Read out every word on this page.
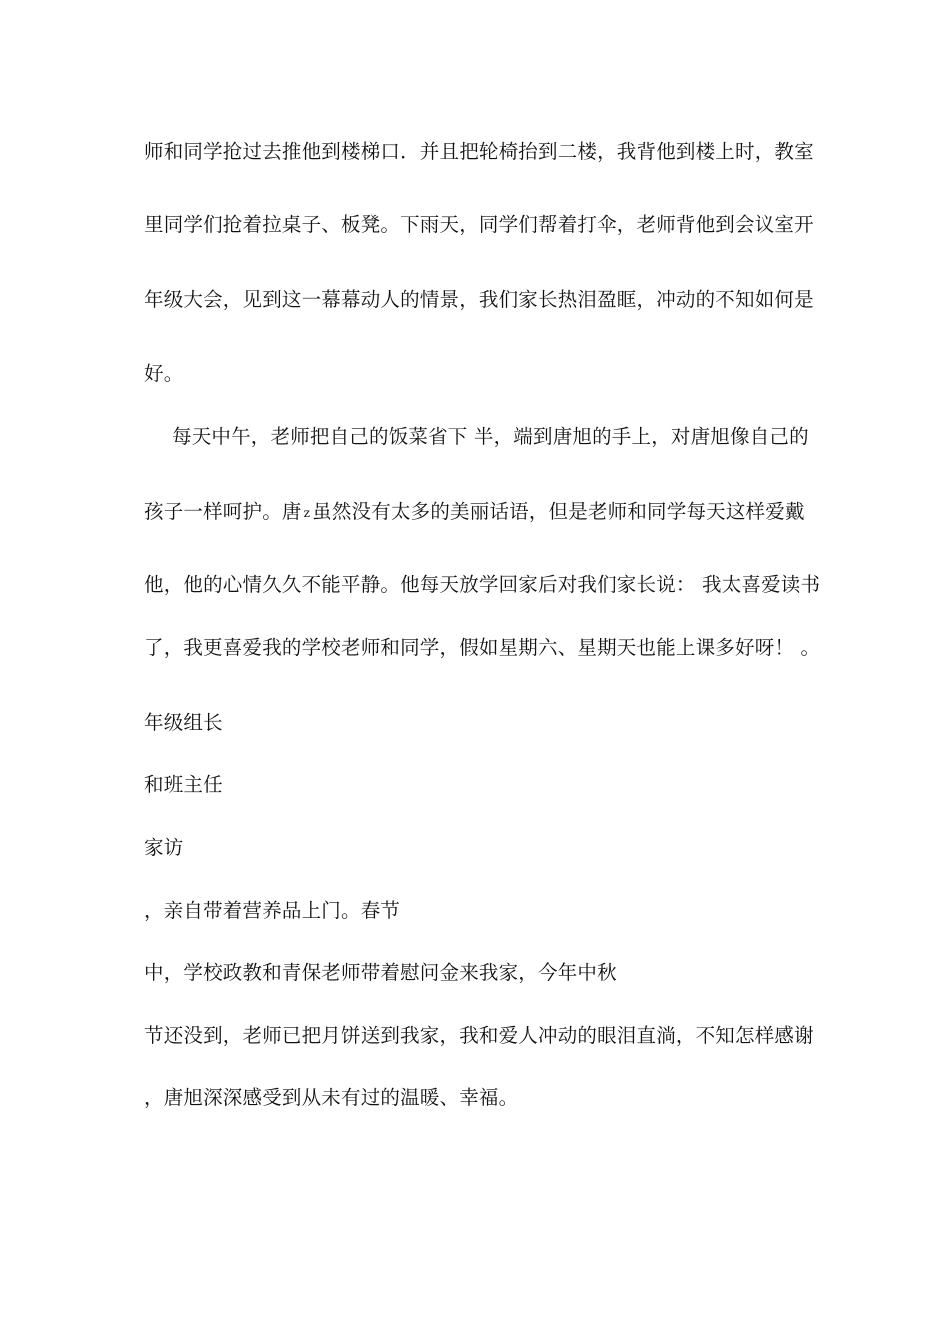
师和同学抢过去推他到楼梯口．并且把轮椅抬到二楼，我背他到楼上时，教室
里同学们抢着拉桌子、板凳。下雨天，同学们帮着打伞，老师背他到会议室开
年级大会，见到这一幕幕动人的情景，我们家长热泪盈眶，冲动的不知如何是
好。
每天中午，老师把自己的饭菜省下 半，端到唐旭的手上，对唐旭像自己的
孩子一样呵护。唐 z 虽然没有太多的美丽话语，但是老师和同学每天这样爱戴
他，他的心情久久不能平静。他每天放学回家后对我们家长说： 我太喜爱读书
了，我更喜爱我的学校老师和同学，假如星期六、星期天也能上课多好呀！ 。
年级组长
和班主任
家访
，亲自带着营养品上门。春节
中，学校政教和青保老师带着慰问金来我家，今年中秋
节还没到，老师已把月饼送到我家，我和爱人冲动的眼泪直淌，不知怎样感谢
，唐旭深深感受到从未有过的温暖、幸福。
